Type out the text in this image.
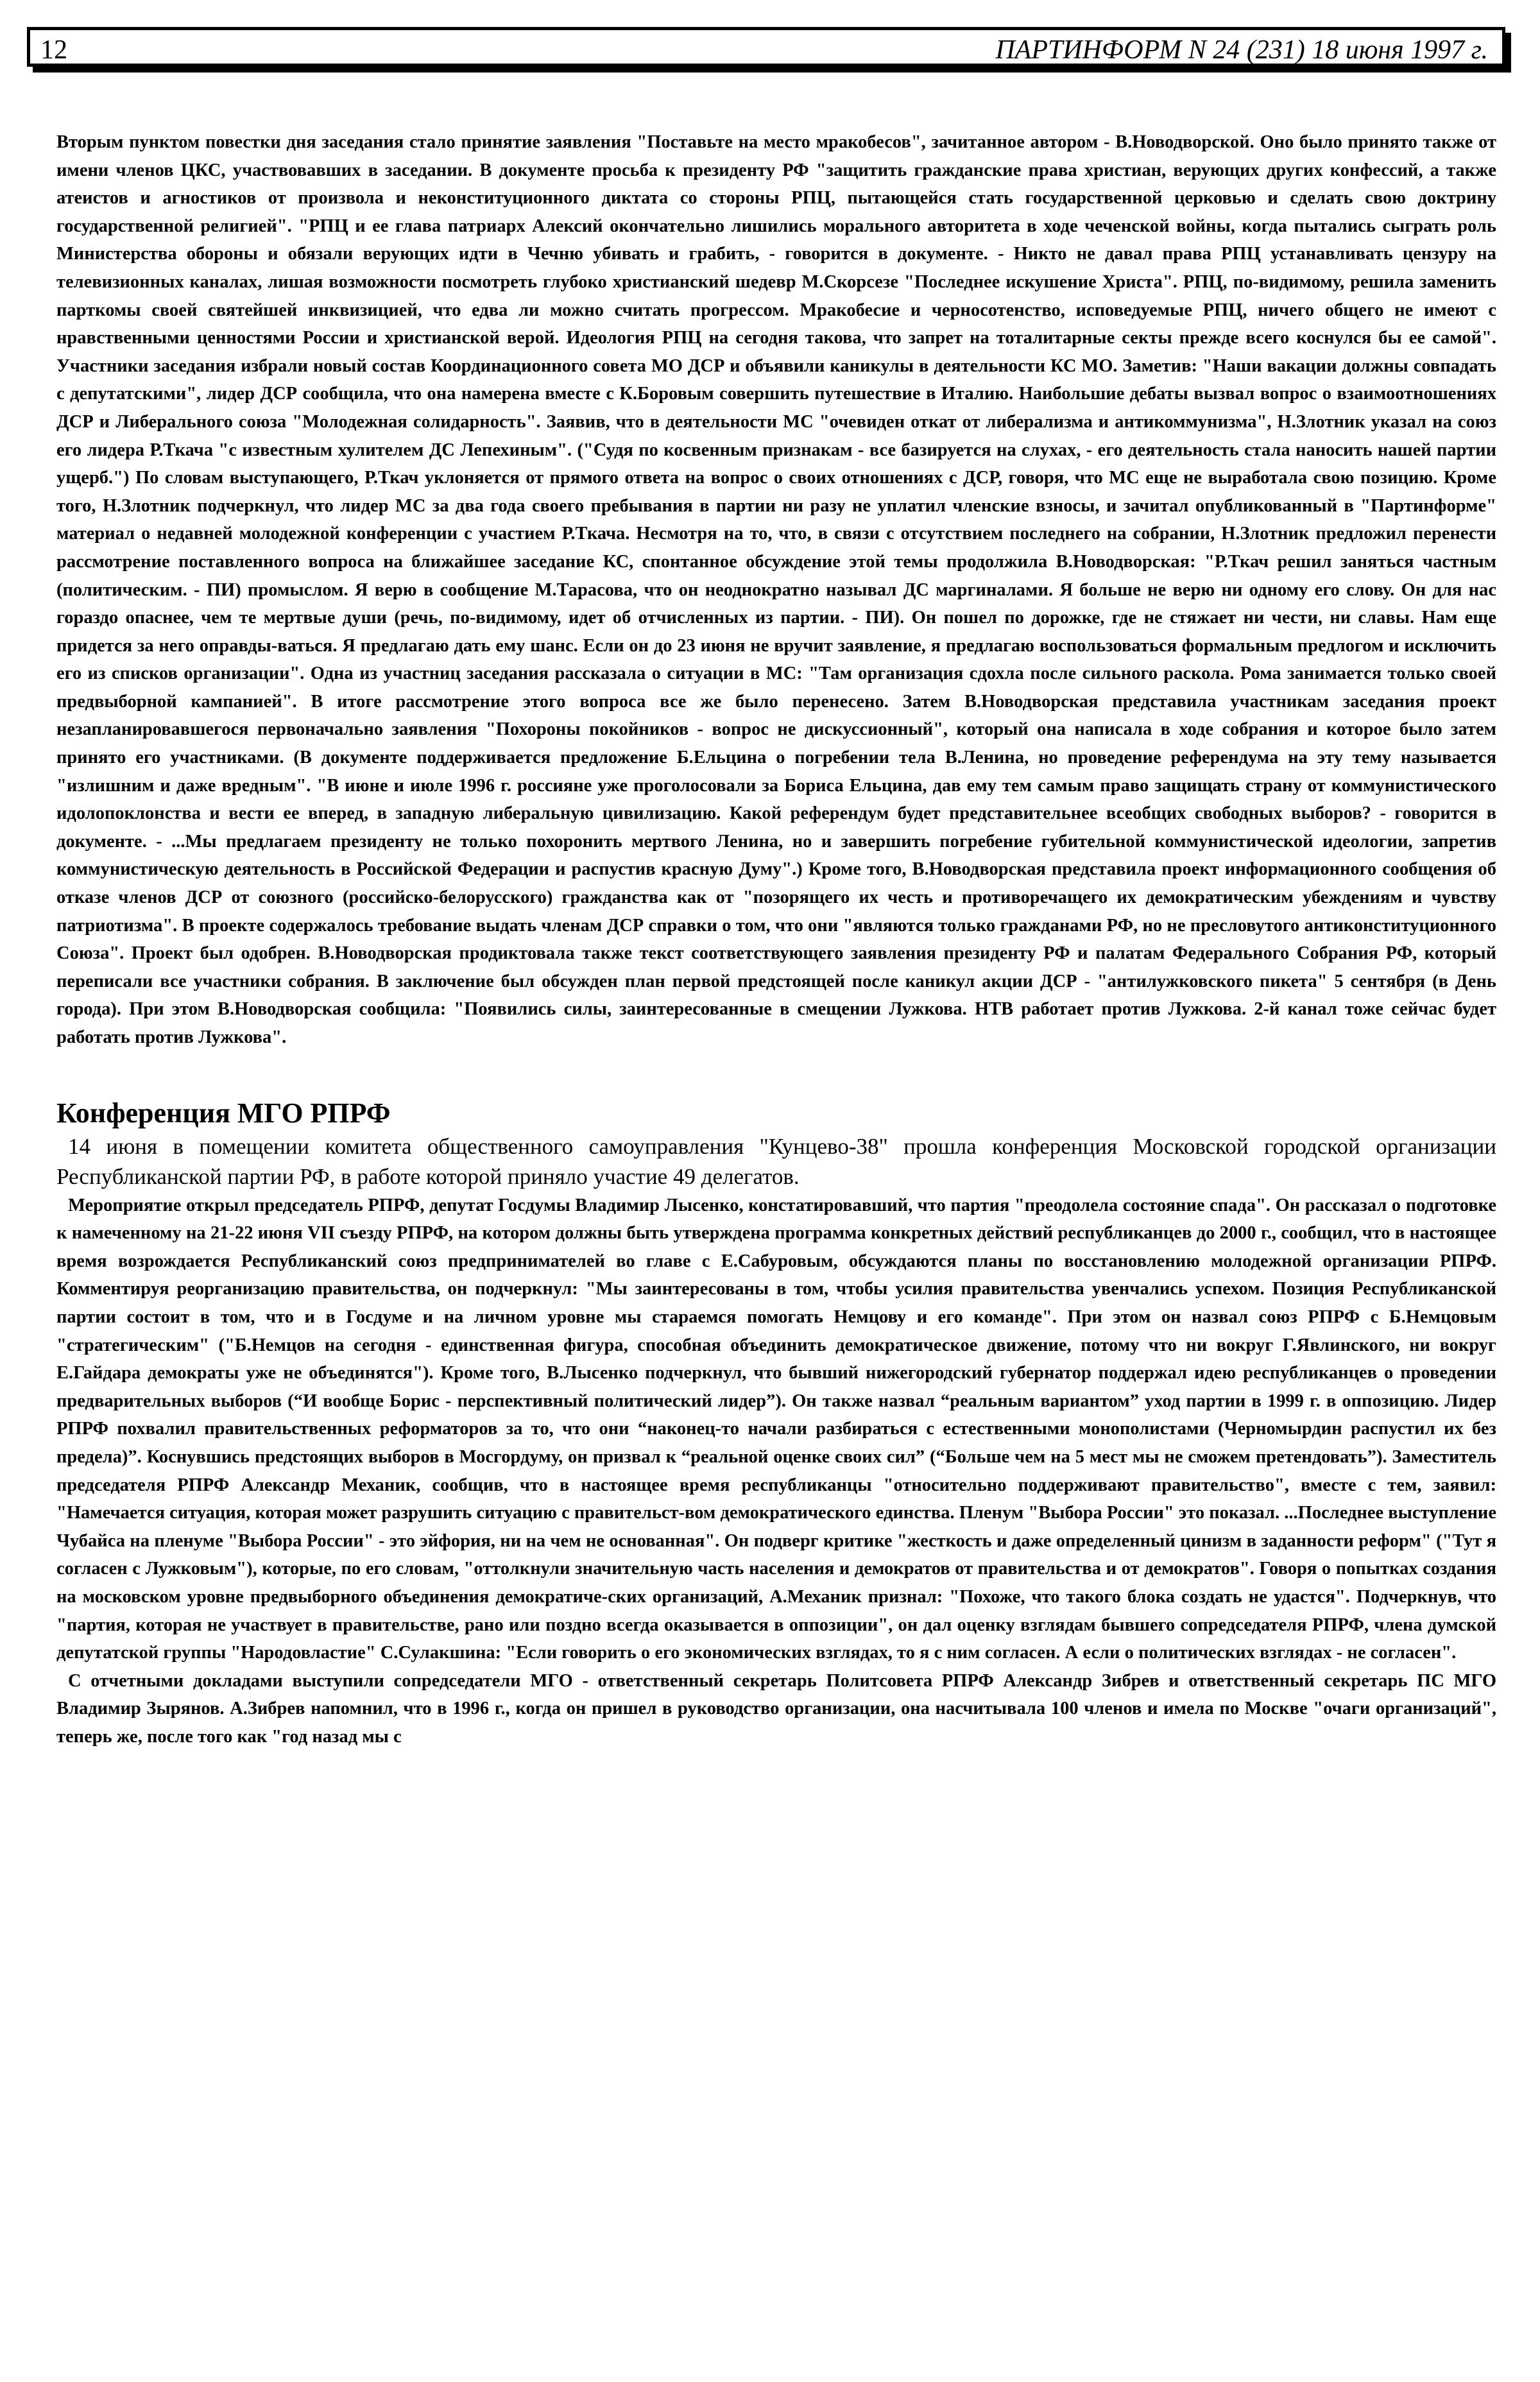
12	ПАРТИНФОРМ N 24 (231) 18 июня 1997 г.

Вторым пунктом повестки дня заседания стало принятие заявления "Поставьте на место мракобесов", зачитанное автором - В.Новодворской. Оно было принято также от имени членов ЦКС, участвовавших в заседании. В документе просьба к президенту РФ "защитить гражданские права христиан, верующих других конфессий, а также атеистов и агностиков от произвола и неконституционного диктата со стороны РПЦ, пытающейся стать государственной церковью и сделать свою доктрину государственной религией". "РПЦ и ее глава патриарх Алексий окончательно лишились морального авторитета в ходе чеченской войны, когда пытались сыграть роль Министерства обороны и обязали верующих идти в Чечню убивать и грабить, - говорится в документе. - Никто не давал права РПЦ устанавливать цензуру на телевизионных каналах, лишая возможности посмотреть глубоко христианский шедевр М.Скорсезе "Последнее искушение Христа". РПЦ, по-видимому, решила заменить парткомы своей святейшей инквизицией, что едва ли можно считать прогрессом. Мракобесие и черносотенство, исповедуемые РПЦ, ничего общего не имеют с нравственными ценностями России и христианской верой. Идеология РПЦ на сегодня такова, что запрет на тоталитарные секты прежде всего коснулся бы ее самой". Участники заседания избрали новый состав Координационного совета МО ДСР и объявили каникулы в деятельности КС МО. Заметив: "Наши вакации должны совпадать с депутатскими", лидер ДСР сообщила, что она намерена вместе с К.Боровым совершить путешествие в Италию. Наибольшие дебаты вызвал вопрос о взаимоотношениях ДСР и Либерального союза "Молодежная солидарность". Заявив, что в деятельности МС "очевиден откат от либерализма и антикоммунизма", Н.Злотник указал на союз его лидера Р.Ткача "с известным хулителем ДС Лепехиным". ("Судя по косвенным признакам - все базируется на слухах, - его деятельность стала наносить нашей партии ущерб.") По словам выступающего, Р.Ткач уклоняется от прямого ответа на вопрос о своих отношениях с ДСР, говоря, что МС еще не выработала свою позицию. Кроме того, Н.Злотник подчеркнул, что лидер МС за два года своего пребывания в партии ни разу не уплатил членские взносы, и зачитал опубликованный в "Партинформе" материал о недавней молодежной конференции с участием Р.Ткача. Несмотря на то, что, в связи с отсутствием последнего на собрании, Н.Злотник предложил перенести рассмотрение поставленного вопроса на ближайшее заседание КС, спонтанное обсуждение этой темы продолжила В.Новодворская: "Р.Ткач решил заняться частным (политическим. - ПИ) промыслом. Я верю в сообщение М.Тарасова, что он неоднократно называл ДС маргиналами. Я больше не верю ни одному его слову. Он для нас гораздо опаснее, чем те мертвые души (речь, по-видимому, идет об отчисленных из партии. - ПИ). Он пошел по дорожке, где не стяжает ни чести, ни славы. Нам еще придется за него оправды-ваться. Я предлагаю дать ему шанс. Если он до 23 июня не вручит заявление, я предлагаю воспользоваться формальным предлогом и исключить его из списков организации". Одна из участниц заседания рассказала о ситуации в МС: "Там организация сдохла после сильного раскола. Рома занимается только своей предвыборной кампанией". В итоге рассмотрение этого вопроса все же было перенесено. Затем В.Новодворская представила участникам заседания проект незапланировавшегося первоначально заявления "Похороны покойников - вопрос не дискуссионный", который она написала в ходе собрания и которое было затем принято его участниками. (В документе поддерживается предложение Б.Ельцина о погребении тела В.Ленина, но проведение референдума на эту тему называется "излишним и даже вредным". "В июне и июле 1996 г. россияне уже проголосовали за Бориса Ельцина, дав ему тем самым право защищать страну от коммунистического идолопоклонства и вести ее вперед, в западную либеральную цивилизацию. Какой референдум будет представительнее всеобщих свободных выборов? - говорится в документе. - ...Мы предлагаем президенту не только похоронить мертвого Ленина, но и завершить погребение губительной коммунистической идеологии, запретив коммунистическую деятельность в Российской Федерации и распустив красную Думу".) Кроме того, В.Новодворская представила проект информационного сообщения об отказе членов ДСР от союзного (российско-белорусского) гражданства как от "позорящего их честь и противоречащего их демократическим убеждениям и чувству патриотизма". В проекте содержалось требование выдать членам ДСР справки о том, что они "являются только гражданами РФ, но не пресловутого антиконституционного Союза". Проект был одобрен. В.Новодворская продиктовала также текст соответствующего заявления президенту РФ и палатам Федерального Собрания РФ, который переписали все участники собрания. В заключение был обсужден план первой предстоящей после каникул акции ДСР - "антилужковского пикета" 5 сентября (в День города). При этом В.Новодворская сообщила: "Появились силы, заинтересованные в смещении Лужкова. НТВ работает против Лужкова. 2-й канал тоже сейчас будет работать против Лужкова".

Конференция МГО РПРФ

14 июня в помещении комитета общественного самоуправления "Кунцево-38" прошла конференция Московской городской организации Республиканской партии РФ, в работе которой приняло участие 49 делегатов.

Мероприятие открыл председатель РПРФ, депутат Госдумы Владимир Лысенко, констатировавший, что партия "преодолела состояние спада". Он рассказал о подготовке к намеченному на 21-22 июня VII съезду РПРФ, на котором должны быть утверждена программа конкретных действий республиканцев до 2000 г., сообщил, что в настоящее время возрождается Республиканский союз предпринимателей во главе с Е.Сабуровым, обсуждаются планы по восстановлению молодежной организации РПРФ. Комментируя реорганизацию правительства, он подчеркнул: "Мы заинтересованы в том, чтобы усилия правительства увенчались успехом. Позиция Республиканской партии состоит в том, что и в Госдуме и на личном уровне мы стараемся помогать Немцову и его команде". При этом он назвал союз РПРФ с Б.Немцовым "стратегическим" ("Б.Немцов на сегодня - единственная фигура, способная объединить демократическое движение, потому что ни вокруг Г.Явлинского, ни вокруг Е.Гайдара демократы уже не объединятся"). Кроме того, В.Лысенко подчеркнул, что бывший нижегородский губернатор поддержал идею республиканцев о проведении предварительных выборов (“И вообще Борис - перспективный политический лидер”). Он также назвал “реальным вариантом” уход партии в 1999 г. в оппозицию. Лидер РПРФ похвалил правительственных реформаторов за то, что они “наконец-то начали разбираться с естественными монополистами (Черномырдин распустил их без предела)”. Коснувшись предстоящих выборов в Мосгордуму, он призвал к “реальной оценке своих сил” (“Больше чем на 5 мест мы не сможем претендовать”). Заместитель председателя РПРФ Александр Механик, сообщив, что в настоящее время республиканцы "относительно поддерживают правительство", вместе с тем, заявил: "Намечается ситуация, которая может разрушить ситуацию с правительст-вом демократического единства. Пленум "Выбора России" это показал. ...Последнее выступление Чубайса на пленуме "Выбора России" - это эйфория, ни на чем не основанная". Он подверг критике "жесткость и даже определенный цинизм в заданности реформ" ("Тут я согласен с Лужковым"), которые, по его словам, "оттолкнули значительную часть населения и демократов от правительства и от демократов". Говоря о попытках создания на московском уровне предвыборного объединения демократиче-ских организаций, А.Механик признал: "Похоже, что такого блока создать не удастся". Подчеркнув, что "партия, которая не участвует в правительстве, рано или поздно всегда оказывается в оппозиции", он дал оценку взглядам бывшего сопредседателя РПРФ, члена думской депутатской группы "Народовластие" С.Сулакшина: "Если говорить о его экономических взглядах, то я с ним согласен. А если о политических взглядах - не согласен".

С отчетными докладами выступили сопредседатели МГО - ответственный секретарь Политсовета РПРФ Александр Зибрев и ответственный секретарь ПС МГО Владимир Зырянов. А.Зибрев напомнил, что в 1996 г., когда он пришел в руководство организации, она насчитывала 100 членов и имела по Москве "очаги организаций", теперь же, после того как "год назад мы с
